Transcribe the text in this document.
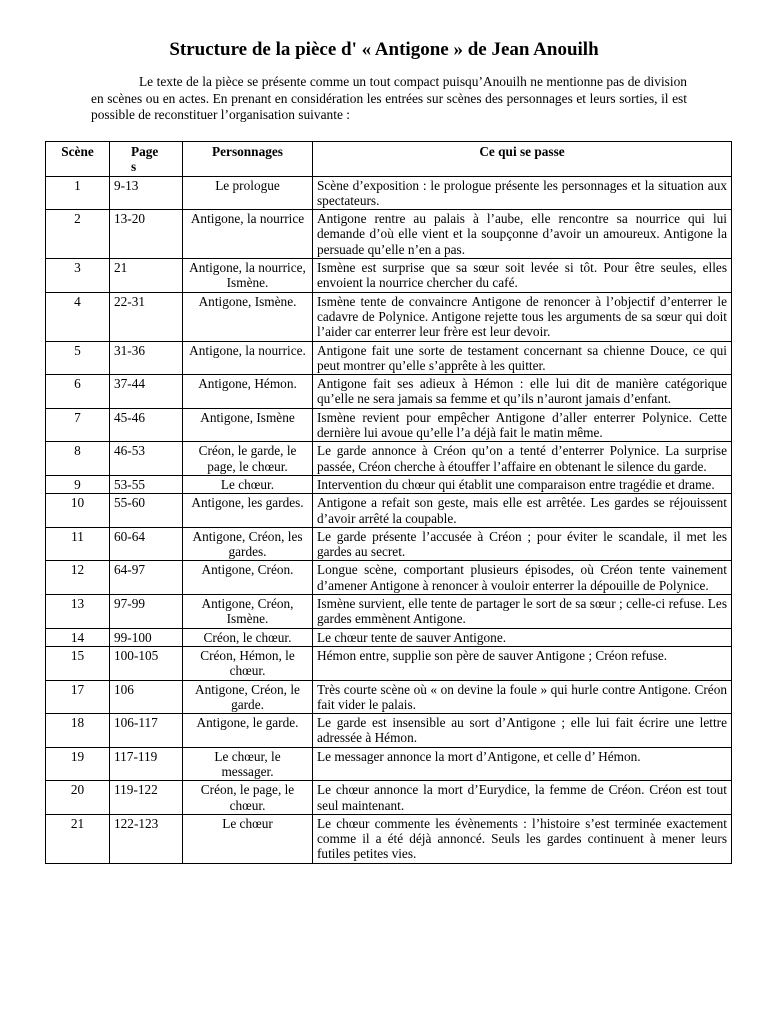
Structure de la pièce d' « Antigone » de Jean Anouilh

Le texte de la pièce se présente comme un tout compact puisqu’Anouilh ne mentionne pas de division en scènes ou en actes. En prenant en considération les entrées sur scènes des personnages et leurs sorties, il est possible de reconstituer l’organisation suivante :

Scène	Pages	Personnages	Ce qui se passe
1	9-13	Le prologue	Scène d’exposition : le prologue présente les personnages et la situation aux spectateurs.
2	13-20	Antigone, la nourrice	Antigone rentre au palais à l’aube, elle rencontre sa nourrice qui lui demande d’où elle vient et la soupçonne d’avoir un amoureux. Antigone la persuade qu’elle n’en a pas.
3	21	Antigone, la nourrice, Ismène.	Ismène est surprise que sa sœur soit levée si tôt. Pour être seules, elles envoient la nourrice chercher du café.
4	22-31	Antigone, Ismène.	Ismène tente de convaincre Antigone de renoncer à l’objectif d’enterrer le cadavre de Polynice. Antigone rejette tous les arguments de sa sœur qui doit l’aider car enterrer leur frère est leur devoir.
5	31-36	Antigone, la nourrice.	Antigone fait une sorte de testament concernant sa chienne Douce, ce qui peut montrer qu’elle s’apprête à les quitter.
6	37-44	Antigone, Hémon.	Antigone fait ses adieux à Hémon : elle lui dit de manière catégorique qu’elle ne sera jamais sa femme et qu’ils n’auront jamais d’enfant.
7	45-46	Antigone, Ismène	Ismène revient pour empêcher Antigone d’aller enterrer Polynice. Cette dernière lui avoue qu’elle l’a déjà fait le matin même.
8	46-53	Créon, le garde, le page, le chœur.	Le garde annonce à Créon qu’on a tenté d’enterrer Polynice. La surprise passée, Créon cherche à étouffer l’affaire en obtenant le silence du garde.
9	53-55	Le chœur.	Intervention du chœur qui établit une comparaison entre tragédie et drame.
10	55-60	Antigone, les gardes.	Antigone a refait son geste, mais elle est arrêtée. Les gardes se réjouissent d’avoir arrêté la coupable.
11	60-64	Antigone, Créon, les gardes.	Le garde présente l’accusée à Créon ; pour éviter le scandale, il met les gardes au secret.
12	64-97	Antigone, Créon.	Longue scène, comportant plusieurs épisodes, où Créon tente vainement d’amener Antigone à renoncer à vouloir enterrer la dépouille de Polynice.
13	97-99	Antigone, Créon, Ismène.	Ismène survient, elle tente de partager le sort de sa sœur ; celle-ci refuse. Les gardes emmènent Antigone.
14	99-100	Créon, le chœur.	Le chœur tente de sauver Antigone.
15	100-105	Créon, Hémon, le chœur.	Hémon entre, supplie son père de sauver Antigone ; Créon refuse.
17	106	Antigone, Créon, le garde.	Très courte scène où « on devine la foule » qui hurle contre Antigone. Créon fait vider le palais.
18	106-117	Antigone, le garde.	Le garde est insensible au sort d’Antigone ; elle lui fait écrire une lettre adressée à Hémon.
19	117-119	Le chœur, le messager.	Le messager annonce la mort d’Antigone, et celle d’ Hémon.
20	119-122	Créon, le page, le chœur.	Le chœur annonce la mort d’Eurydice, la femme de Créon. Créon est tout seul maintenant.
21	122-123	Le chœur	Le chœur commente les évènements : l’histoire s’est terminée exactement comme il a été déjà annoncé. Seuls les gardes continuent à mener leurs futiles petites vies.
